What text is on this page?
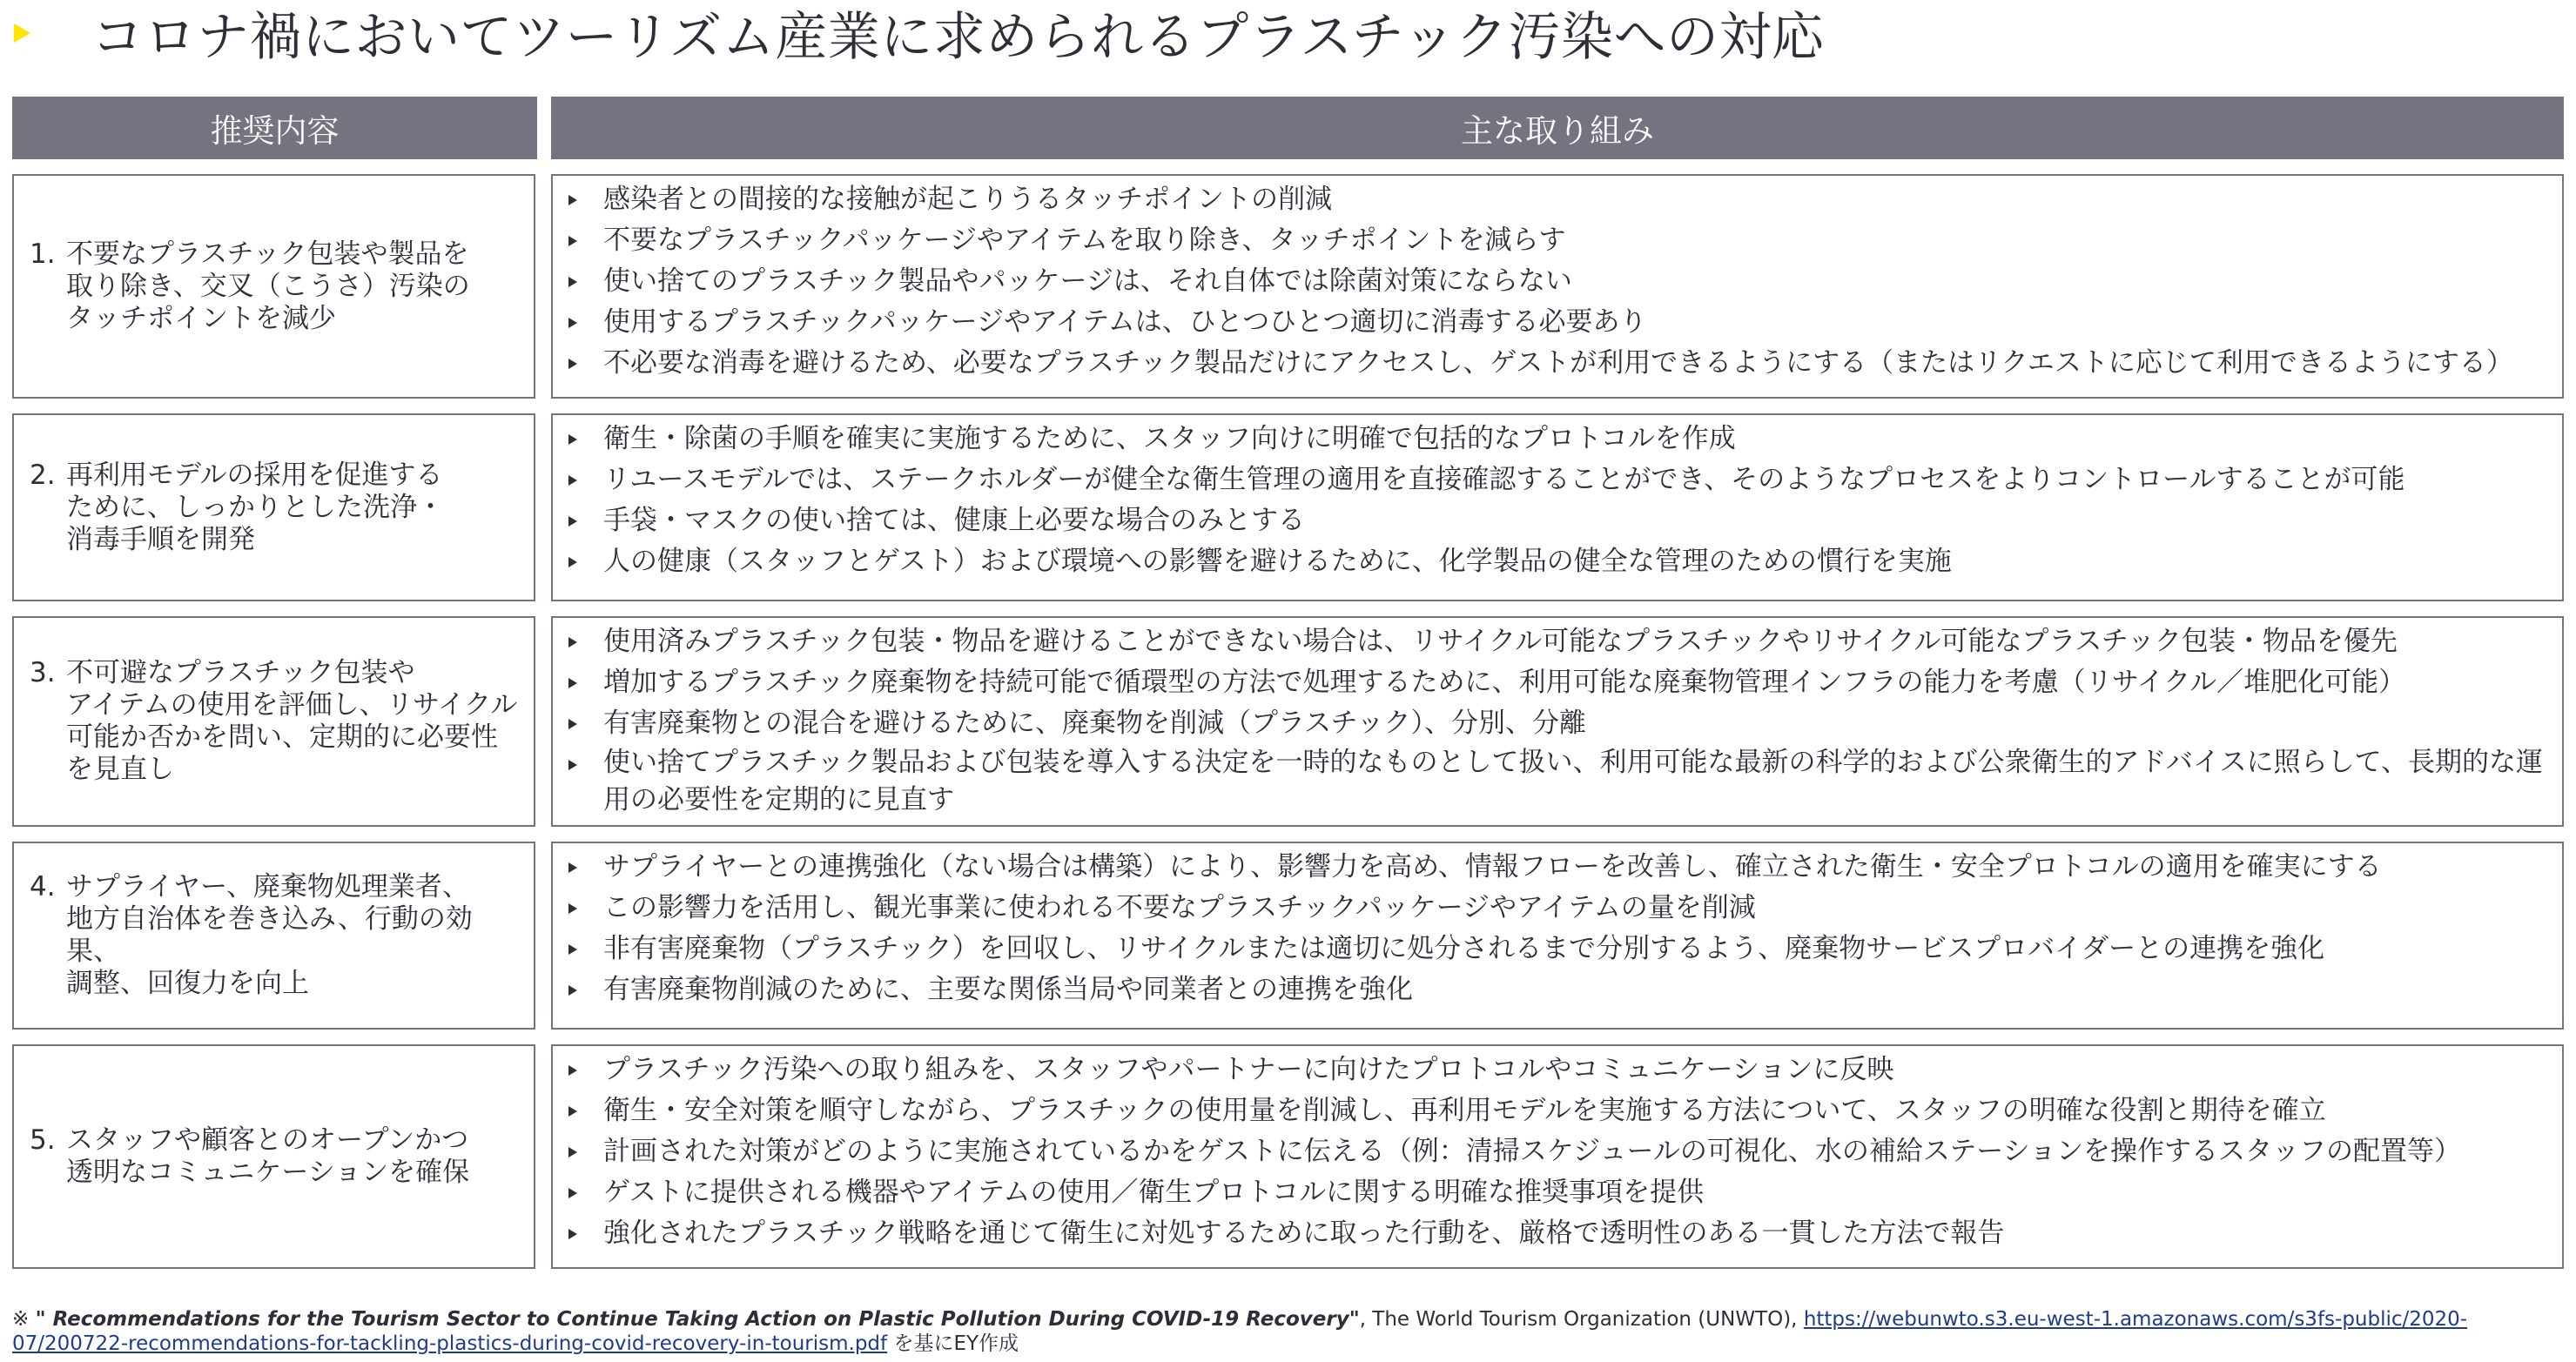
コロナ禍においてツーリズム産業に求められるプラスチック汚染への対応
推奨内容	主な取り組み
1. 不要なプラスチック包装や製品を
取り除き、交叉（こうさ）汚染の
タッチポイントを減少
感染者との間接的な接触が起こりうるタッチポイントの削減
不要なプラスチックパッケージやアイテムを取り除き、タッチポイントを減らす
使い捨てのプラスチック製品やパッケージは、それ自体では除菌対策にならない
使用するプラスチックパッケージやアイテムは、ひとつひとつ適切に消毒する必要あり
不必要な消毒を避けるため、必要なプラスチック製品だけにアクセスし、ゲストが利用できるようにする（またはリクエストに応じて利用できるようにする）
2. 再利用モデルの採用を促進する
ために、しっかりとした洗浄・
消毒手順を開発
衛生・除菌の手順を確実に実施するために、スタッフ向けに明確で包括的なプロトコルを作成
リユースモデルでは、ステークホルダーが健全な衛生管理の適用を直接確認することができ、そのようなプロセスをよりコントロールすることが可能
手袋・マスクの使い捨ては、健康上必要な場合のみとする
人の健康（スタッフとゲスト）および環境への影響を避けるために、化学製品の健全な管理のための慣行を実施
3. 不可避なプラスチック包装や
アイテムの使用を評価し、リサイクル
可能か否かを問い、定期的に必要性
を見直し
使用済みプラスチック包装・物品を避けることができない場合は、リサイクル可能なプラスチックやリサイクル可能なプラスチック包装・物品を優先
増加するプラスチック廃棄物を持続可能で循環型の方法で処理するために、利用可能な廃棄物管理インフラの能力を考慮（リサイクル／堆肥化可能）
有害廃棄物との混合を避けるために、廃棄物を削減（プラスチック）、分別、分離
使い捨てプラスチック製品および包装を導入する決定を一時的なものとして扱い、利用可能な最新の科学的および公衆衛生的アドバイスに照らして、長期的な運用の必要性を定期的に見直す
4. サプライヤー、廃棄物処理業者、
地方自治体を巻き込み、行動の効果、
調整、回復力を向上
サプライヤーとの連携強化（ない場合は構築）により、影響力を高め、情報フローを改善し、確立された衛生・安全プロトコルの適用を確実にする
この影響力を活用し、観光事業に使われる不要なプラスチックパッケージやアイテムの量を削減
非有害廃棄物（プラスチック）を回収し、リサイクルまたは適切に処分されるまで分別するよう、廃棄物サービスプロバイダーとの連携を強化
有害廃棄物削減のために、主要な関係当局や同業者との連携を強化
5. スタッフや顧客とのオープンかつ
透明なコミュニケーションを確保
プラスチック汚染への取り組みを、スタッフやパートナーに向けたプロトコルやコミュニケーションに反映
衛生・安全対策を順守しながら、プラスチックの使用量を削減し、再利用モデルを実施する方法について、スタッフの明確な役割と期待を確立
計画された対策がどのように実施されているかをゲストに伝える（例：清掃スケジュールの可視化、水の補給ステーションを操作するスタッフの配置等）
ゲストに提供される機器やアイテムの使用／衛生プロトコルに関する明確な推奨事項を提供
強化されたプラスチック戦略を通じて衛生に対処するために取った行動を、厳格で透明性のある一貫した方法で報告
※ " Recommendations for the Tourism Sector to Continue Taking Action on Plastic Pollution During COVID-19 Recovery", The World Tourism Organization (UNWTO), https://webunwto.s3.eu-west-1.amazonaws.com/s3fs-public/2020-07/200722-recommendations-for-tackling-plastics-during-covid-recovery-in-tourism.pdf を基にEY作成
